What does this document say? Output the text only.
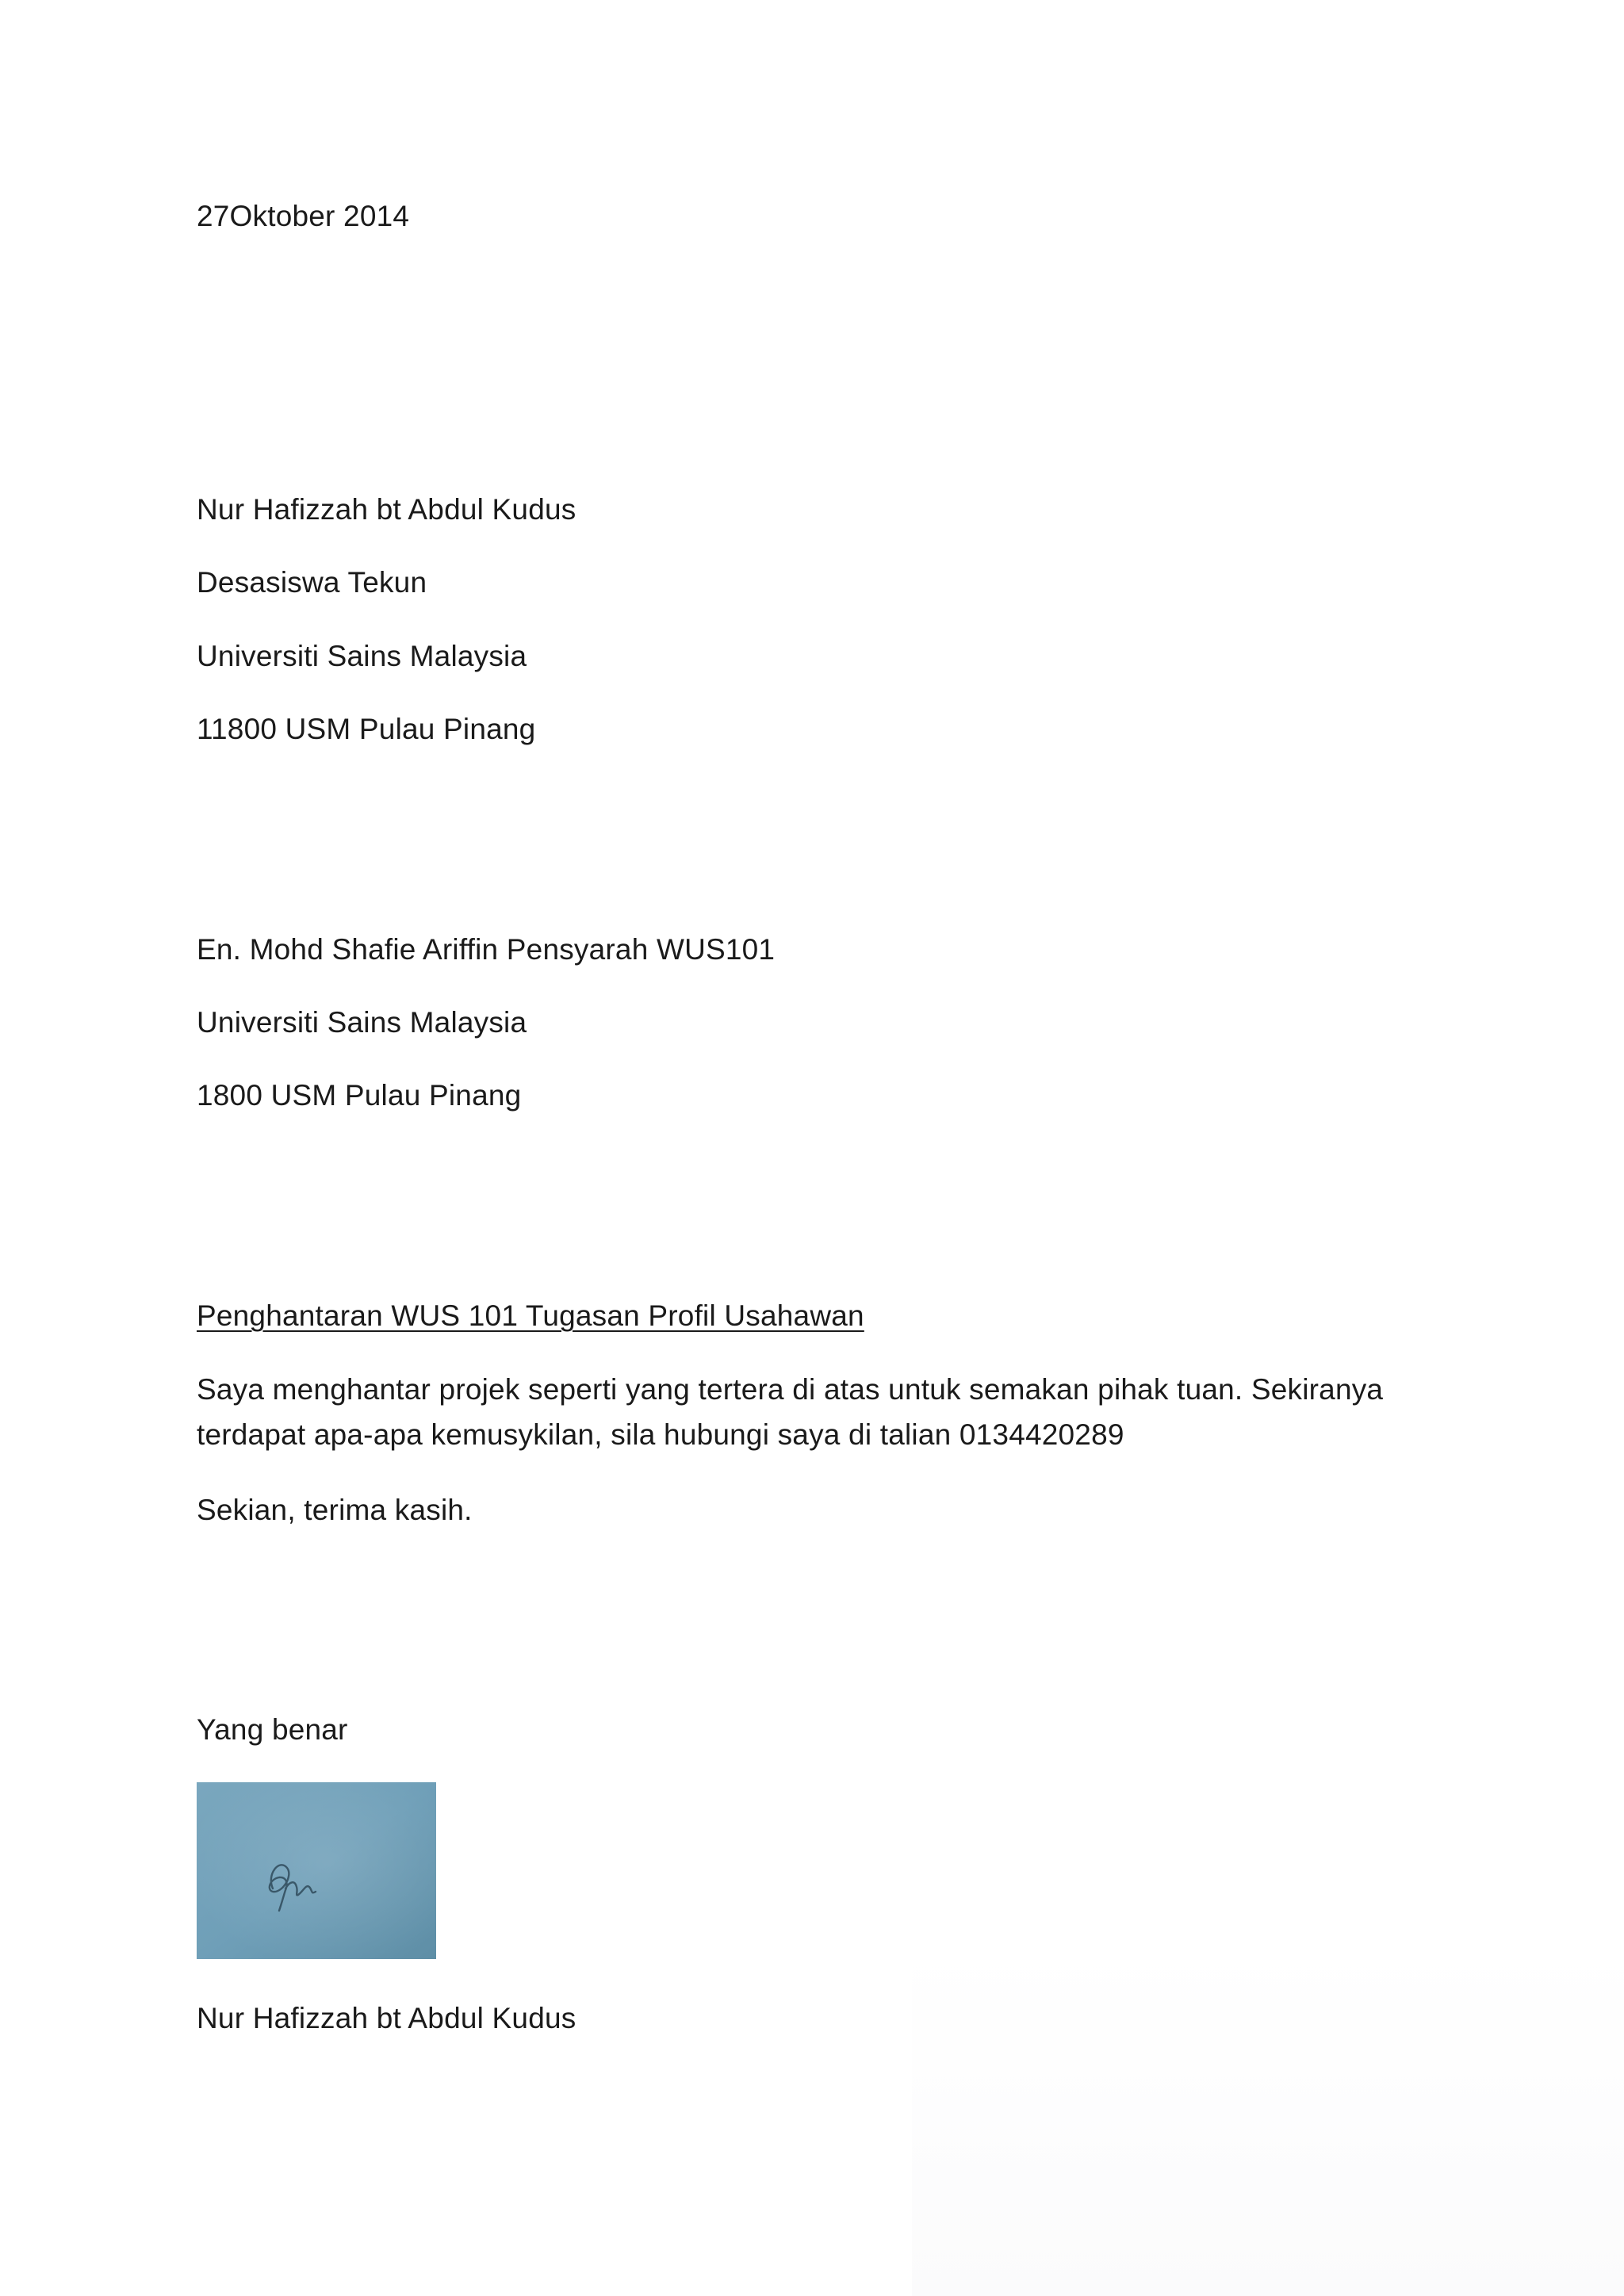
27Oktober 2014
Nur Hafizzah bt Abdul Kudus
Desasiswa Tekun
Universiti Sains Malaysia
11800 USM Pulau Pinang
En. Mohd Shafie Ariffin Pensyarah WUS101
Universiti Sains Malaysia
1800 USM Pulau Pinang
Penghantaran WUS 101 Tugasan Profil Usahawan
Saya menghantar projek seperti yang tertera di atas untuk semakan pihak tuan. Sekiranya terdapat apa-apa kemusykilan, sila hubungi saya di talian 0134420289
Sekian, terima kasih.
Yang benar
Nur Hafizzah bt Abdul Kudus
